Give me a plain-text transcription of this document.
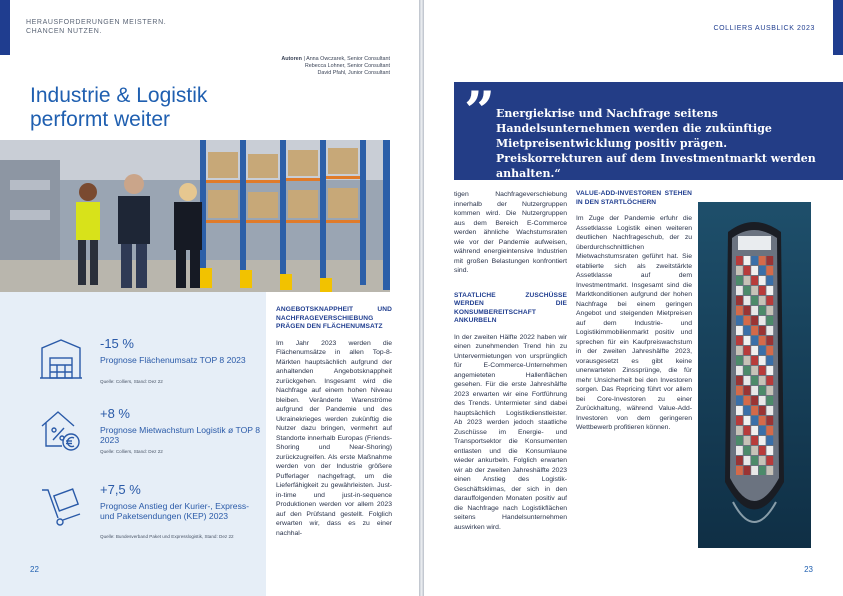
HERAUSFORDERUNGEN MEISTERN.
CHANCEN NUTZEN.
Autoren | Anna Owczarek, Senior Consultant
Rebecca Lohner, Senior Consultant
David Pfahl, Junior Consultant
Industrie & Logistik performt weiter
-15 %
Prognose Flächenumsatz TOP 8 2023
Quelle: Colliers, Stand: Dez 22
+8 %
Prognose Mietwachstum Logistik ø TOP 8 2023
Quelle: Colliers, Stand: Dez 22
+7,5 %
Prognose Anstieg der Kurier-, Express- und Paketsendungen (KEP) 2023
Quelle: Bundesverband Paket und Expresslogistik, Stand: Dez 22
ANGEBOTSKNAPPHEIT UND NACHFRAGEVERSCHIEBUNG PRÄGEN DEN FLÄCHENUMSATZ

Im Jahr 2023 werden die Flächenumsätze in allen Top-8-Märkten hauptsächlich aufgrund der anhaltenden Angebotsknappheit zurückgehen. Insgesamt wird die Nachfrage auf einem hohen Niveau bleiben. Veränderte Warenströme aufgrund der Pandemie und des Ukrainekrieges werden zukünftig die Nutzer dazu bringen, vermehrt auf Standorte innerhalb Europas (Friends-Shoring und Near-Shoring) zurückzugreifen. Als erste Maßnahme werden von der Industrie größere Pufferlager nachgefragt, um die Lieferfähigkeit zu gewährleisten. Just-in-time und just-in-sequence Produktionen werden vor allem 2023 auf den Prüfstand gestellt. Folglich erwarten wir, dass es zu einer nachhal-

22
COLLIERS AUSBLICK 2023
” Energiekrise und Nachfrage seitens Handelsunternehmen werden die zukünftige Mietpreisentwicklung positiv prägen. Preiskorrekturen auf dem Investmentmarkt werden anhalten.“

tigen Nachfrageverschiebung innerhalb der Nutzergruppen kommen wird. Die Nutzergruppen aus dem Bereich E-Commerce werden ähnliche Wachstumsraten wie vor der Pandemie aufweisen, während energieintensive Industrien mit großen Belastungen konfrontiert sind.

STAATLICHE ZUSCHÜSSE WERDEN DIE KONSUMBEREITSCHAFT ANKURBELN

In der zweiten Hälfte 2022 haben wir einen zunehmenden Trend hin zu Untervermietungen von ursprünglich für E-Commerce-Unternehmen angemieteten Hallenflächen gesehen. Für die erste Jahreshälfte 2023 erwarten wir eine Fortführung des Trends. Untermieter sind dabei hauptsächlich Logistikdienstleister. Ab 2023 werden jedoch staatliche Zuschüsse im Energie- und Transportsektor die Konsumenten entlasten und die Konsumlaune wieder ankurbeln. Folglich erwarten wir ab der zweiten Jahreshälfte 2023 einen Anstieg des Logistik-Geschäftsklimas, der sich in den darauffolgenden Monaten positiv auf die Nachfrage nach Logistikflächen seitens Handelsunternehmen auswirken wird.

VALUE-ADD-INVESTOREN STEHEN IN DEN STARTLÖCHERN

Im Zuge der Pandemie erfuhr die Assetklasse Logistik einen weiteren deutlichen Nachfrageschub, der zu überdurchschnittlichen Mietwachstumsraten geführt hat. Sie etablierte sich als zweitstärkte Assetklasse auf dem Investmentmarkt. Insgesamt sind die Marktkonditionen aufgrund der hohen Nachfrage bei einem geringen Angebot und steigenden Mietpreisen auf dem Industrie- und Logistikimmobilienmarkt positiv und sprechen für ein Kaufpreiswachstum in der zweiten Jahreshälfte 2023, vorausgesetzt es gibt keine unerwarteten Zinssprünge, die für mehr Unsicherheit bei den Investoren sorgen. Das Repricing führt vor allem bei Core-Investoren zu einer Zurückhaltung, während Value-Add-Investoren von dem geringeren Wettbewerb profitieren können.

23
